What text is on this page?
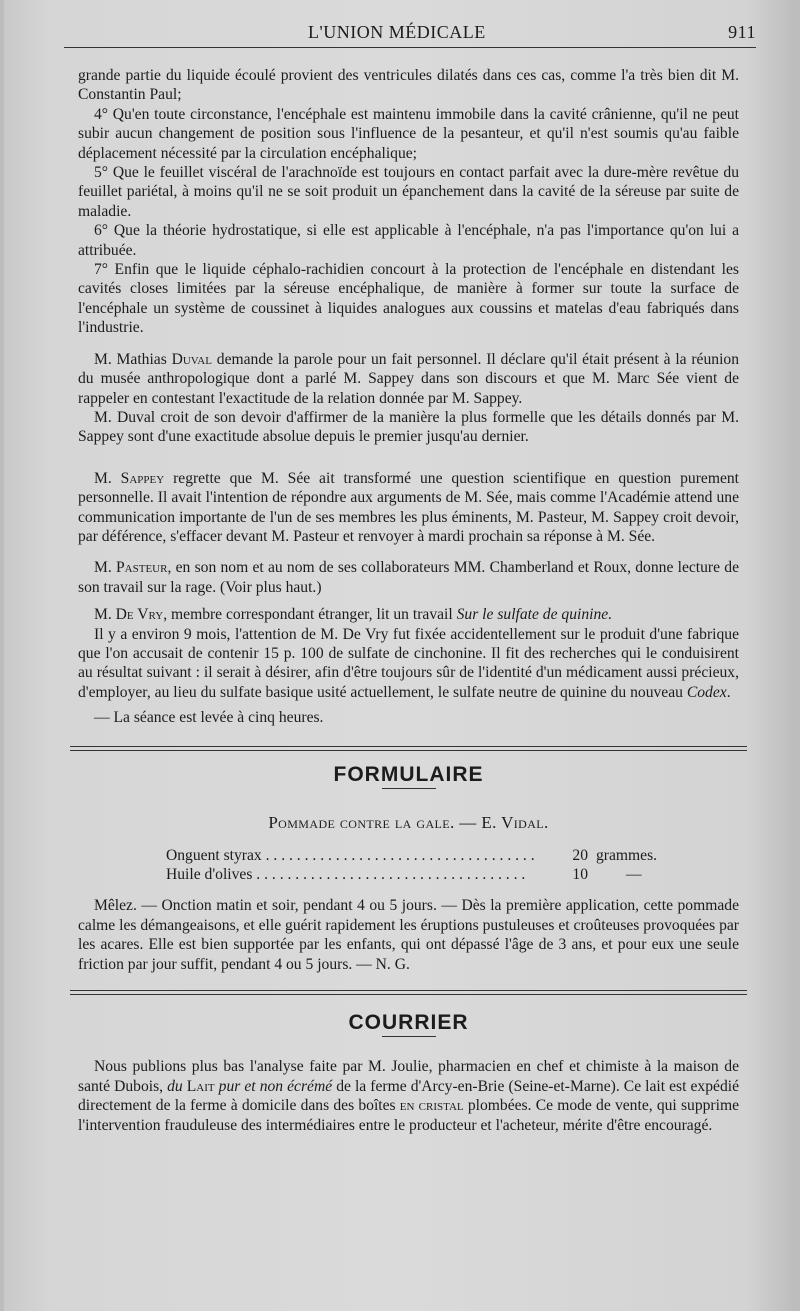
L'UNION MÉDICALE	911

grande partie du liquide écoulé provient des ventricules dilatés dans ces cas, comme l'a très bien dit M. Constantin Paul;

4° Qu'en toute circonstance, l'encéphale est maintenu immobile dans la cavité crânienne, qu'il ne peut subir aucun changement de position sous l'influence de la pesanteur, et qu'il n'est soumis qu'au faible déplacement nécessité par la circulation encéphalique;

5° Que le feuillet viscéral de l'arachnoïde est toujours en contact parfait avec la dure-mère revêtue du feuillet pariétal, à moins qu'il ne se soit produit un épanchement dans la cavité de la séreuse par suite de maladie.

6° Que la théorie hydrostatique, si elle est applicable à l'encéphale, n'a pas l'importance qu'on lui a attribuée.

7° Enfin que le liquide céphalo-rachidien concourt à la protection de l'encéphale en distendant les cavités closes limitées par la séreuse encéphalique, de manière à former sur toute la surface de l'encéphale un système de coussinet à liquides analogues aux coussins et matelas d'eau fabriqués dans l'industrie.

M. Mathias Duval demande la parole pour un fait personnel. Il déclare qu'il était présent à la réunion du musée anthropologique dont a parlé M. Sappey dans son discours et que M. Marc Sée vient de rappeler en contestant l'exactitude de la relation donnée par M. Sappey.

M. Duval croit de son devoir d'affirmer de la manière la plus formelle que les détails donnés par M. Sappey sont d'une exactitude absolue depuis le premier jusqu'au dernier.

M. Sappey regrette que M. Sée ait transformé une question scientifique en question purement personnelle. Il avait l'intention de répondre aux arguments de M. Sée, mais comme l'Académie attend une communication importante de l'un de ses membres les plus éminents, M. Pasteur, M. Sappey croit devoir, par déférence, s'effacer devant M. Pasteur et renvoyer à mardi prochain sa réponse à M. Sée.

M. Pasteur, en son nom et au nom de ses collaborateurs MM. Chamberland et Roux, donne lecture de son travail sur la rage. (Voir plus haut.)

M. De Vry, membre correspondant étranger, lit un travail Sur le sulfate de quinine.

Il y a environ 9 mois, l'attention de M. De Vry fut fixée accidentellement sur le produit d'une fabrique que l'on accusait de contenir 15 p. 100 de sulfate de cinchonine. Il fit des recherches qui le conduisirent au résultat suivant : il serait à désirer, afin d'être toujours sûr de l'identité d'un médicament aussi précieux, d'employer, au lieu du sulfate basique usité actuellement, le sulfate neutre de quinine du nouveau Codex.

— La séance est levée à cinq heures.

FORMULAIRE
Pommade contre la gale. — E. Vidal.
Onguent styrax . . .	20 grammes.
Huile d'olives . . .	10 —

Mêlez. — Onction matin et soir, pendant 4 ou 5 jours. — Dès la première application, cette pommade calme les démangeaisons, et elle guérit rapidement les éruptions pustuleuses et croûteuses provoquées par les acares. Elle est bien supportée par les enfants, qui ont dépassé l'âge de 3 ans, et pour eux une seule friction par jour suffit, pendant 4 ou 5 jours. — N. G.

COURRIER

Nous publions plus bas l'analyse faite par M. Joulie, pharmacien en chef et chimiste à la maison de santé Dubois, du Lait pur et non écrémé de la ferme d'Arcy-en-Brie (Seine-et-Marne). Ce lait est expédié directement de la ferme à domicile dans des boîtes en cristal plombées. Ce mode de vente, qui supprime l'intervention frauduleuse des intermédiaires entre le producteur et l'acheteur, mérite d'être encouragé.
